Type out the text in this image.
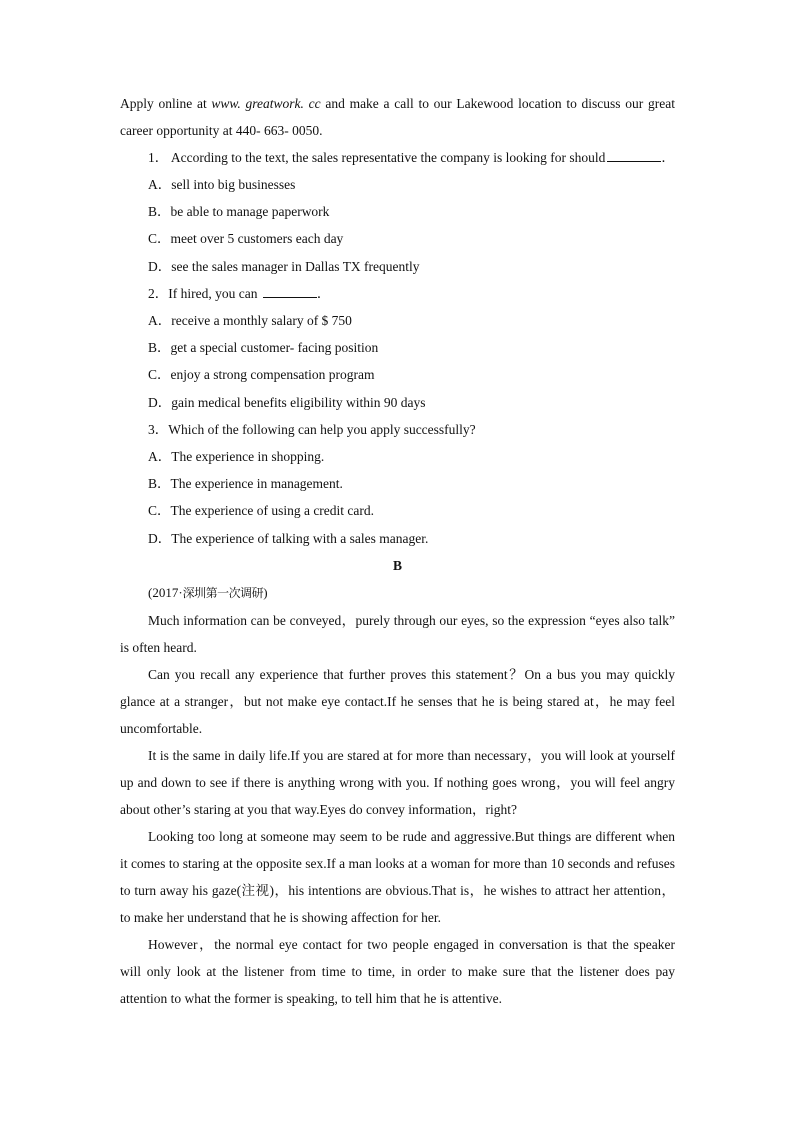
Apply online at www. greatwork. cc and make a call to our Lakewood location to discuss our great career opportunity at 440- 663- 0050.

1． According to the text, the sales representative the company is looking for should	．

A．sell into big businesses

B．be able to manage paperwork

C．meet over 5 customers each day

D．see the sales manager in Dallas TX frequently

2．If hired, you can	．

A．receive a monthly salary of $ 750

B．get a special customer- facing position

C．enjoy a strong compensation program

D．gain medical benefits eligibility within 90 days

3．Which of the following can help you apply successfully?

A．The experience in shopping.

B．The experience in management.

C．The experience of using a credit card.

D．The experience of talking with a sales manager.

B

(2017·深圳第一次调研)

Much information can be conveyed，purely through our eyes, so the expression “eyes also talk” is often heard.

Can you recall any experience that further proves this statement？On a bus you may quickly glance at a stranger，but not make eye contact.If he senses that he is being stared at，he may feel uncomfortable.

It is the same in daily life.If you are stared at for more than necessary，you will look at yourself up and down to see if there is anything wrong with you. If nothing goes wrong，you will feel angry about other’s staring at you that way.Eyes do convey information，right?

Looking too long at someone may seem to be rude and aggressive.But things are different when it comes to staring at the opposite sex.If a man looks at a woman for more than 10 seconds and refuses to turn away his gaze(注视)，his intentions are obvious.That is，he wishes to attract her attention，to make her understand that he is showing affection for her.

However，the normal eye contact for two people engaged in conversation is that the speaker will only look at the listener from time to time, in order to make sure that the listener does pay attention to what the former is speaking, to tell him that he is attentive.
